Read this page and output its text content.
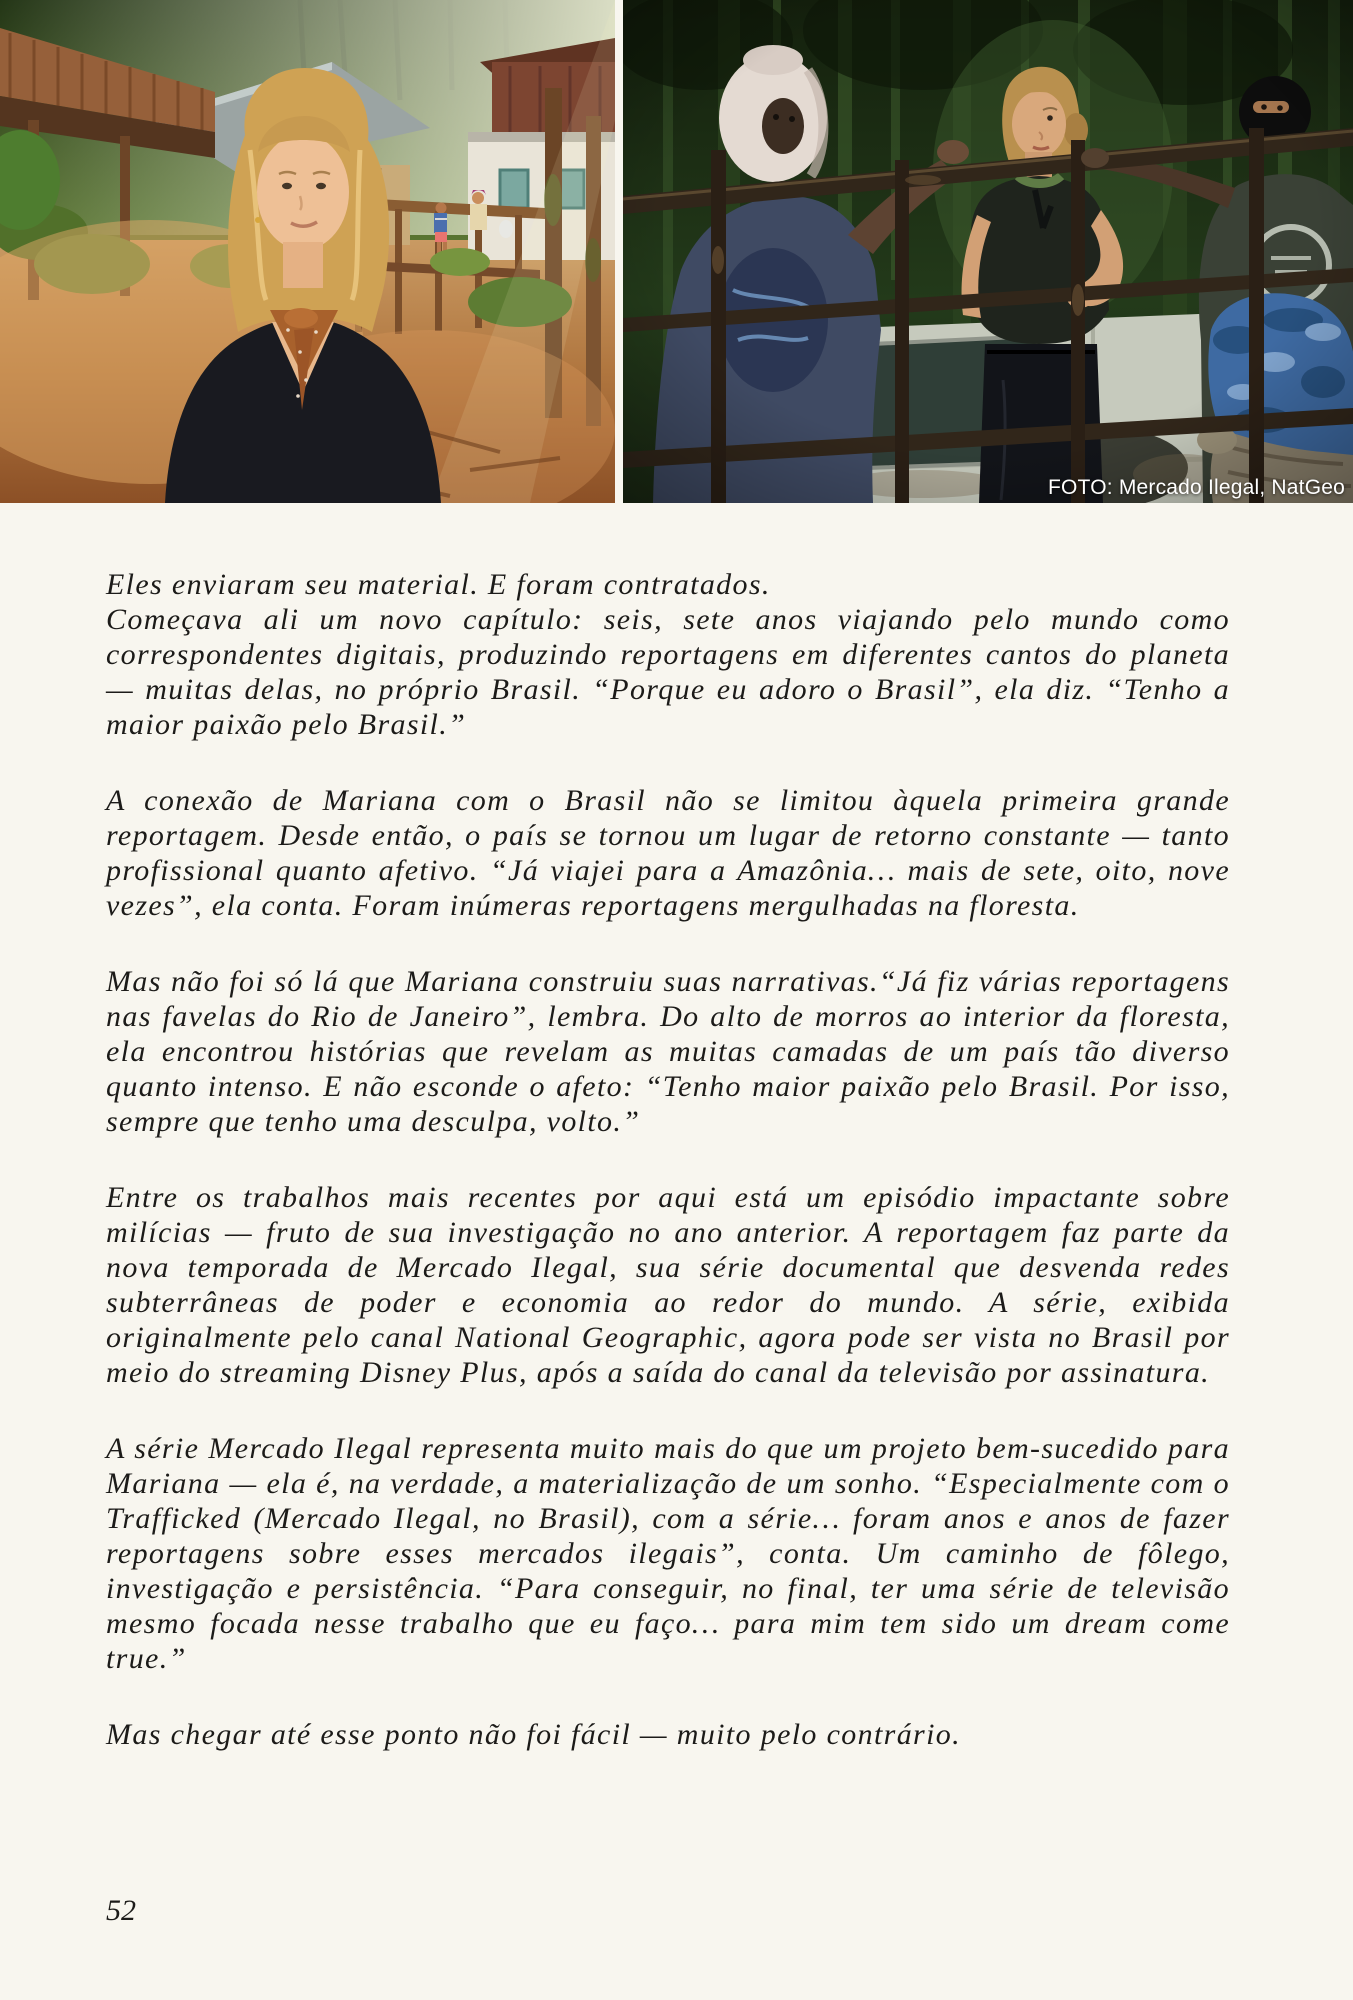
FOTO: Mercado Ilegal, NatGeo

Eles enviaram seu material. E foram contratados.

Começava ali um novo capítulo: seis, sete anos viajando pelo mundo como correspondentes digitais, produzindo reportagens em diferentes cantos do planeta — muitas delas, no próprio Brasil. “Porque eu adoro o Brasil”, ela diz. “Tenho a maior paixão pelo Brasil.”

A conexão de Mariana com o Brasil não se limitou àquela primeira grande reportagem. Desde então, o país se tornou um lugar de retorno constante — tanto profissional quanto afetivo. “Já viajei para a Amazônia… mais de sete, oito, nove vezes”, ela conta. Foram inúmeras reportagens mergulhadas na floresta.

Mas não foi só lá que Mariana construiu suas narrativas.“Já fiz várias reportagens nas favelas do Rio de Janeiro”, lembra. Do alto de morros ao interior da floresta, ela encontrou histórias que revelam as muitas camadas de um país tão diverso quanto intenso. E não esconde o afeto: “Tenho maior paixão pelo Brasil. Por isso, sempre que tenho uma desculpa, volto.”

Entre os trabalhos mais recentes por aqui está um episódio impactante sobre milícias — fruto de sua investigação no ano anterior. A reportagem faz parte da nova temporada de Mercado Ilegal, sua série documental que desvenda redes subterrâneas de poder e economia ao redor do mundo. A série, exibida originalmente pelo canal National Geographic, agora pode ser vista no Brasil por meio do streaming Disney Plus, após a saída do canal da televisão por assinatura.

A série Mercado Ilegal representa muito mais do que um projeto bem-sucedido para Mariana — ela é, na verdade, a materialização de um sonho. “Especialmente com o Trafficked (Mercado Ilegal, no Brasil), com a série… foram anos e anos de fazer reportagens sobre esses mercados ilegais”, conta. Um caminho de fôlego, investigação e persistência. “Para conseguir, no final, ter uma série de televisão mesmo focada nesse trabalho que eu faço… para mim tem sido um dream come true.”

Mas chegar até esse ponto não foi fácil — muito pelo contrário.

52
